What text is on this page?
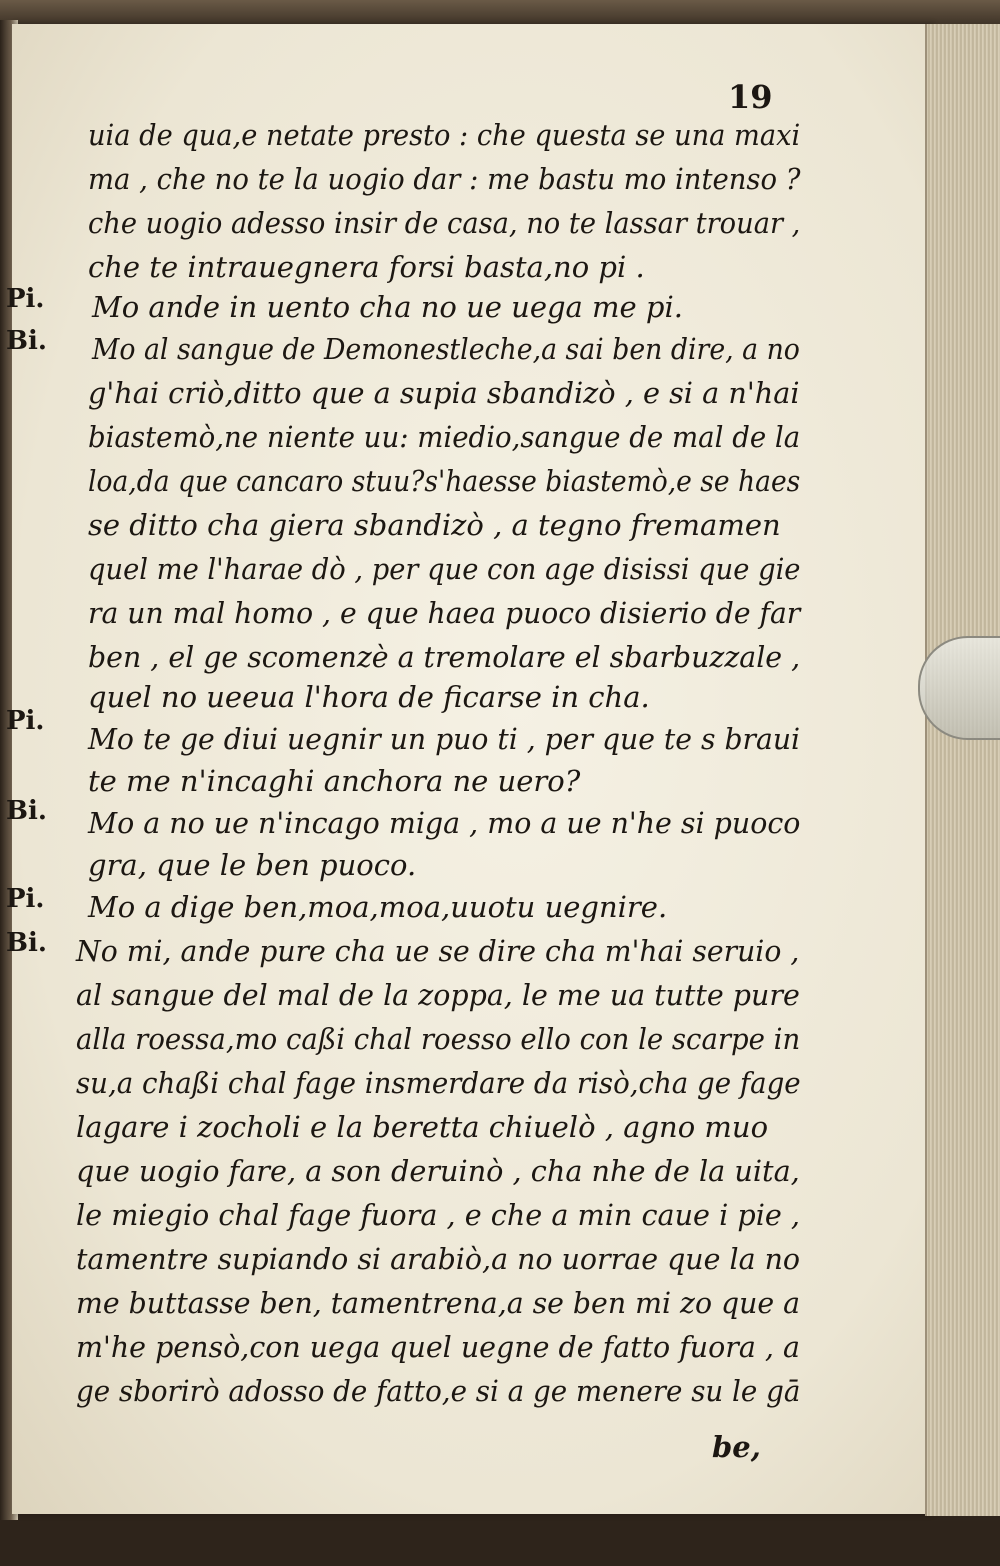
19
Pi.
Bi.
Pi.
Bi.
Pi.
Bi.

uia de qua,e netate presto : che questa se una maxi

ma , che no te la uogio dar : me bastu mo intenso ?

che uogio adesso insir de casa, no te lassar trouar ,

che te intrauegnera forsi basta,no pi .

Mo ande in uento cha no ue uega me pi.

Mo al sangue de Demonestleche,a sai ben dire, a no

g'hai criò,ditto que a supia sbandizò , e si a n'hai

biastemò,ne niente uu: miedio,sangue de mal de la

loa,da que cancaro stuu?s'haesse biastemò,e se haes

se ditto cha giera sbandizò , a tegno fremamen

quel me l'harae dò , per que con age disissi que gie

ra un mal homo , e que haea puoco disierio de far

ben , el ge scomenzè a tremolare el sbarbuzzale ,

quel no ueeua l'hora de ficarse in cha.

Mo te ge diui uegnir un puo ti , per que te s braui

te me n'incaghi anchora ne uero?

Mo a no ue n'incago miga , mo a ue n'he si puoco

gra, que le ben puoco.

Mo a dige ben,moa,moa,uuotu uegnire.

No mi, ande pure cha ue se dire cha m'hai seruio ,

al sangue del mal de la zoppa, le me ua tutte pure

alla roessa,mo caßi chal roesso ello con le scarpe in

su,a chaßi chal fage insmerdare da risò,cha ge fage

lagare i zocholi e la beretta chiuelò , agno muo

que uogio fare, a son deruinò , cha nhe de la uita,

le miegio chal fage fuora , e che a min caue i pie ,

tamentre supiando si arabiò,a no uorrae que la no

me buttasse ben, tamentrena,a se ben mi zo que a

m'he pensò,con uega quel uegne de fatto fuora , a

ge sborirò adosso de fatto,e si a ge menere su le gā

be,
